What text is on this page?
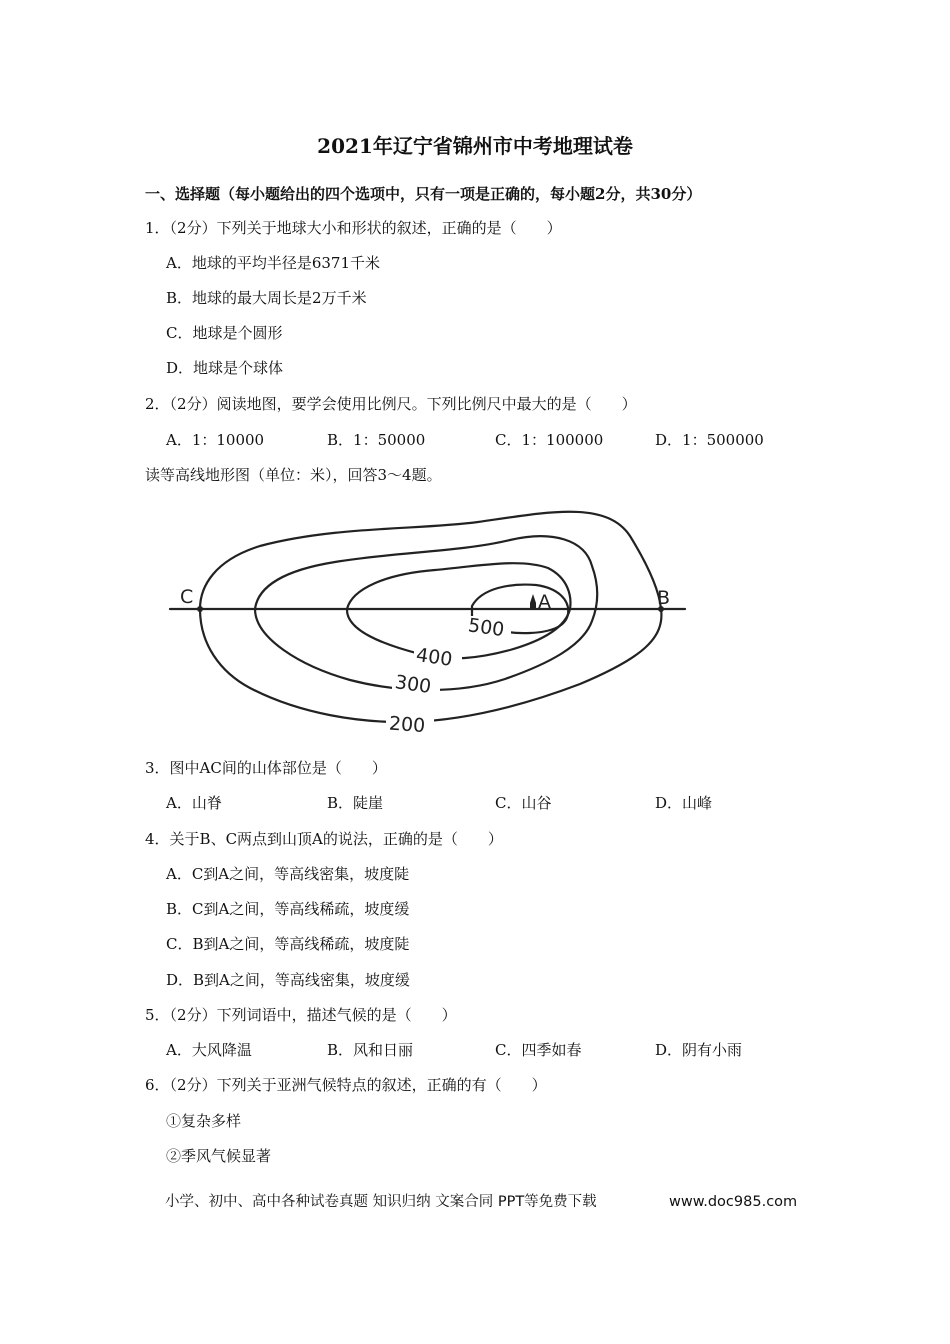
2021年辽宁省锦州市中考地理试卷
一、选择题（每小题给出的四个选项中，只有一项是正确的，每小题2分，共30分）
1．（2分）下列关于地球大小和形状的叙述，正确的是（　　）
A．地球的平均半径是6371千米
B．地球的最大周长是2万千米
C．地球是个圆形
D．地球是个球体
2．（2分）阅读地图，要学会使用比例尺。下列比例尺中最大的是（　　）
A．1：10000	B．1：50000	C．1：100000	D．1：500000
读等高线地形图（单位：米），回答3～4题。
C	B
A
500
400
300
200
3．图中AC间的山体部位是（　　）
A．山脊	B．陡崖	C．山谷	D．山峰
4．关于B、C两点到山顶A的说法，正确的是（　　）
A．C到A之间，等高线密集，坡度陡
B．C到A之间，等高线稀疏，坡度缓
C．B到A之间，等高线稀疏，坡度陡
D．B到A之间，等高线密集，坡度缓
5．（2分）下列词语中，描述气候的是（　　）
A．大风降温	B．风和日丽	C．四季如春	D．阴有小雨
6．（2分）下列关于亚洲气候特点的叙述，正确的有（　　）
①复杂多样
②季风气候显著
小学、初中、高中各种试卷真题 知识归纳 文案合同 PPT等免费下载	www.doc985.com
